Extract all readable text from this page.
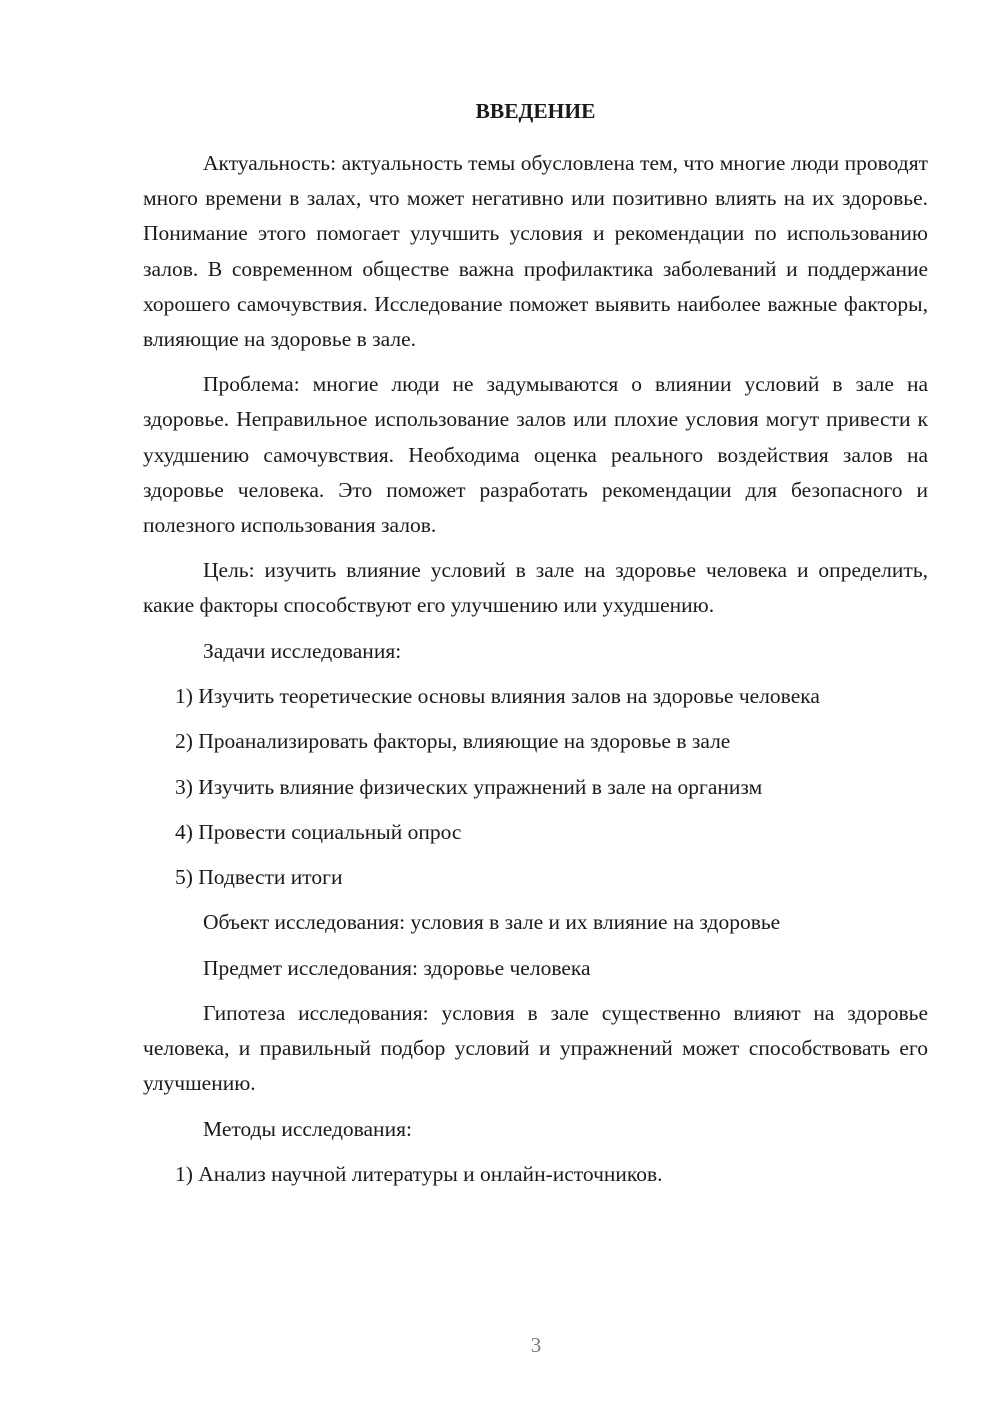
ВВЕДЕНИЕ

Актуальность: актуальность темы обусловлена тем, что многие люди проводят много времени в залах, что может негативно или позитивно влиять на их здоровье. Понимание этого помогает улучшить условия и рекомендации по использованию залов. В современном обществе важна профилактика заболеваний и поддержание хорошего самочувствия. Исследование поможет выявить наиболее важные факторы, влияющие на здоровье в зале.

Проблема: многие люди не задумываются о влиянии условий в зале на здоровье. Неправильное использование залов или плохие условия могут привести к ухудшению самочувствия. Необходима оценка реального воздействия залов на здоровье человека. Это поможет разработать рекомендации для безопасного и полезного использования залов.

Цель: изучить влияние условий в зале на здоровье человека и определить, какие факторы способствуют его улучшению или ухудшению.

Задачи исследования:
1) Изучить теоретические основы влияния залов на здоровье человека
2) Проанализировать факторы, влияющие на здоровье в зале
3) Изучить влияние физических упражнений в зале на организм
4) Провести социальный опрос
5) Подвести итоги
Объект исследования: условия в зале и их влияние на здоровье
Предмет исследования: здоровье человека

Гипотеза исследования: условия в зале существенно влияют на здоровье человека, и правильный подбор условий и упражнений может способствовать его улучшению.

Методы исследования:
1) Анализ научной литературы и онлайн-источников.
3
